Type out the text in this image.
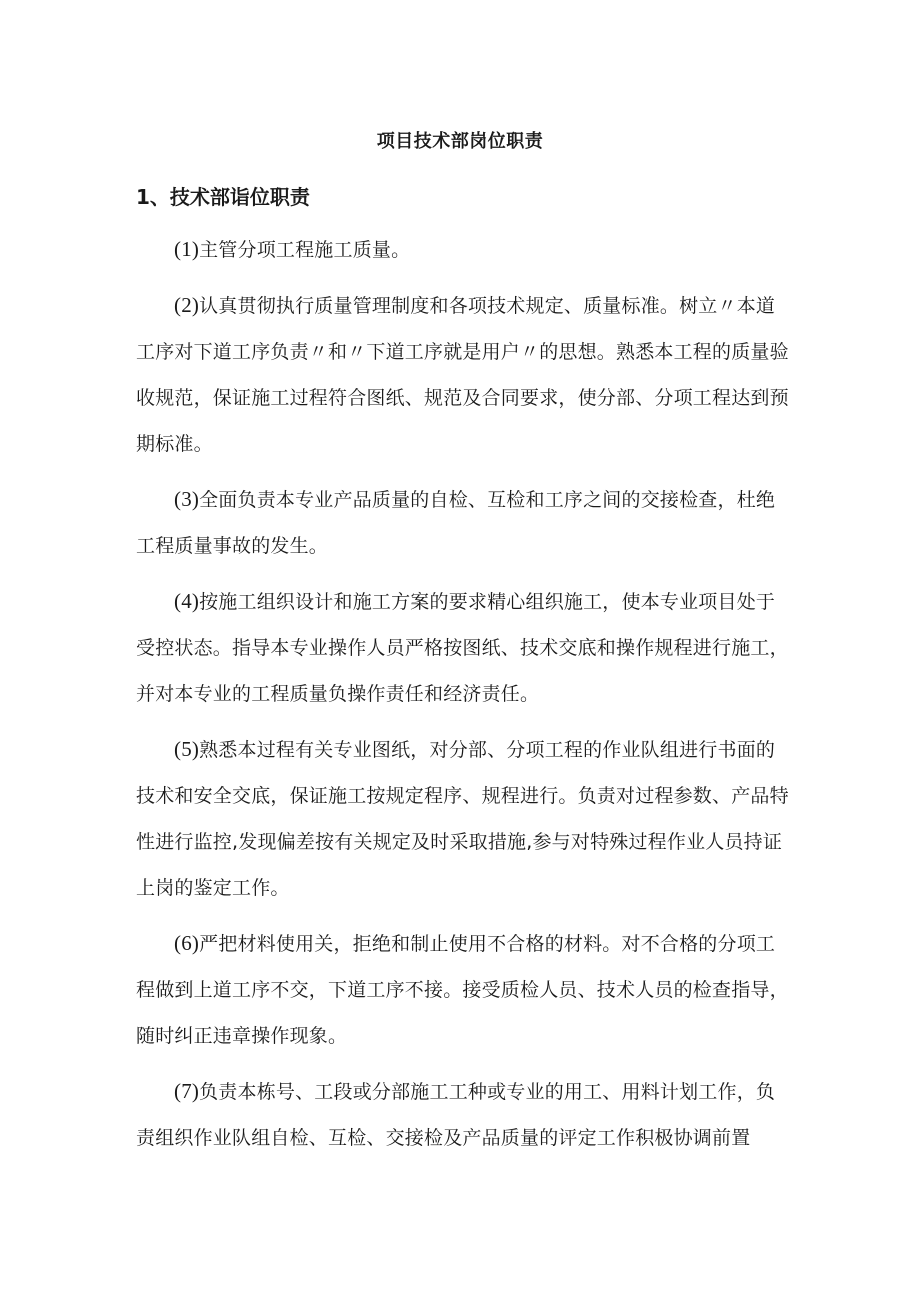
项目技术部岗位职责
1、技术部诣位职责

(1)主管分项工程施工质量。

(2)认真贯彻执行质量管理制度和各项技术规定、质量标准。树立〃本道工序对下道工序负责〃和〃下道工序就是用户〃的思想。熟悉本工程的质量验收规范，保证施工过程符合图纸、规范及合同要求，使分部、分项工程达到预期标准。

(3)全面负责本专业产品质量的自检、互检和工序之间的交接检查，杜绝工程质量事故的发生。

(4)按施工组织设计和施工方案的要求精心组织施工，使本专业项目处于受控状态。指导本专业操作人员严格按图纸、技术交底和操作规程进行施工，并对本专业的工程质量负操作责任和经济责任。

(5)熟悉本过程有关专业图纸，对分部、分项工程的作业队组进行书面的技术和安全交底，保证施工按规定程序、规程进行。负责对过程参数、产品特性进行监控,发现偏差按有关规定及时采取措施,参与对特殊过程作业人员持证上岗的鉴定工作。

(6)严把材料使用关，拒绝和制止使用不合格的材料。对不合格的分项工程做到上道工序不交，下道工序不接。接受质检人员、技术人员的检查指导，随时纠正违章操作现象。

(7)负责本栋号、工段或分部施工工种或专业的用工、用料计划工作，负责组织作业队组自检、互检、交接检及产品质量的评定工作积极协调前置
